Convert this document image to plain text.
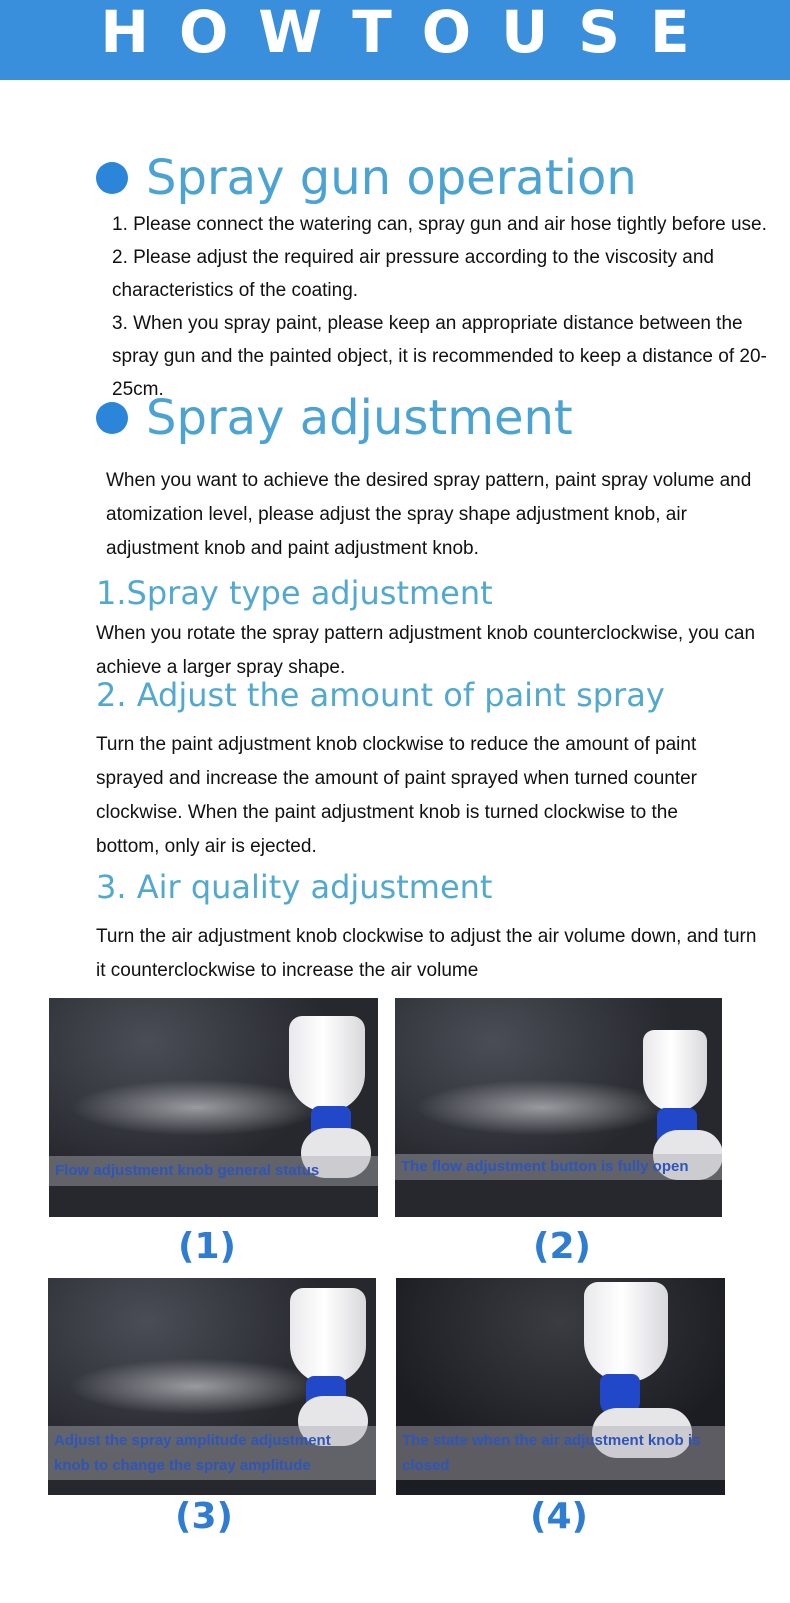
HOWTOUSE
Spray gun operation
1. Please connect the watering can, spray gun and air hose tightly before use.
2. Please adjust the required air pressure according to the viscosity and characteristics of the coating.
3. When you spray paint, please keep an appropriate distance between the spray gun and the painted object, it is recommended to keep a distance of 20-25cm.
Spray adjustment
When you want to achieve the desired spray pattern, paint spray volume and atomization level, please adjust the spray shape adjustment knob, air adjustment knob and paint adjustment knob.
1.Spray type adjustment
When you rotate the spray pattern adjustment knob counterclockwise, you can achieve a larger spray shape.
2. Adjust the amount of paint spray
Turn the paint adjustment knob clockwise to reduce the amount of paint sprayed and increase the amount of paint sprayed when turned counter clockwise. When the paint adjustment knob is turned clockwise to the bottom, only air is ejected.
3. Air quality adjustment
Turn the air adjustment knob clockwise to adjust the air volume down, and turn it counterclockwise to increase the air volume
Flow adjustment knob general status
(1)
The flow adjustment button is fully open
(2)
Adjust the spray amplitude adjustment knob to change the spray amplitude
(3)
The state when the air adjustment knob is closed
(4)
